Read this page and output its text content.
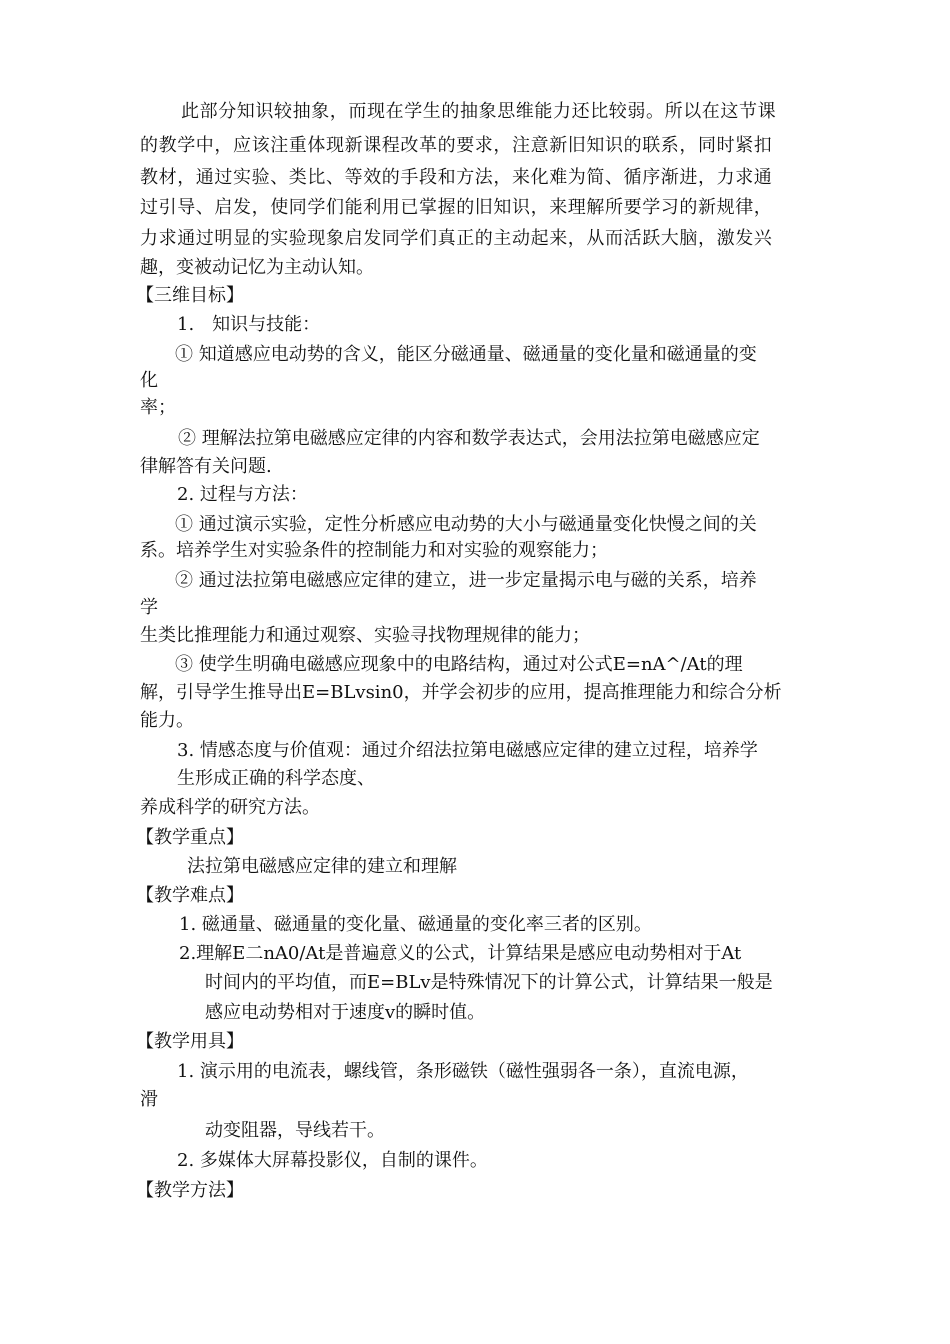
此部分知识较抽象，而现在学生的抽象思维能力还比较弱。所以在这节课
的教学中，应该注重体现新课程改革的要求，注意新旧知识的联系，同时紧扣
教材，通过实验、类比、等效的手段和方法，来化难为简、循序渐进，力求通
过引导、启发，使同学们能利用已掌握的旧知识，来理解所要学习的新规律，
力求通过明显的实验现象启发同学们真正的主动起来，从而活跃大脑，激发兴
趣，变被动记忆为主动认知。
【三维目标】
1.　知识与技能：
① 知道感应电动势的含义，能区分磁通量、磁通量的变化量和磁通量的变
化
率；
② 理解法拉第电磁感应定律的内容和数学表达式，会用法拉第电磁感应定
律解答有关问题.
2. 过程与方法：
① 通过演示实验，定性分析感应电动势的大小与磁通量变化快慢之间的关
系。培养学生对实验条件的控制能力和对实验的观察能力；
② 通过法拉第电磁感应定律的建立，进一步定量揭示电与磁的关系，培养
学
生类比推理能力和通过观察、实验寻找物理规律的能力；
③ 使学生明确电磁感应现象中的电路结构，通过对公式E=nA^/At的理
解，引导学生推导出E=BLvsin0，并学会初步的应用，提高推理能力和综合分析
能力。
3. 情感态度与价值观：通过介绍法拉第电磁感应定律的建立过程，培养学
生形成正确的科学态度、
养成科学的研究方法。
【教学重点】
法拉第电磁感应定律的建立和理解
【教学难点】
1. 磁通量、磁通量的变化量、磁通量的变化率三者的区别。
2.理解E二nA0/At是普遍意义的公式，计算结果是感应电动势相对于At
时间内的平均值，而E=BLv是特殊情况下的计算公式，计算结果一般是
感应电动势相对于速度v的瞬时值。
【教学用具】
1. 演示用的电流表，螺线管，条形磁铁（磁性强弱各一条），直流电源，
滑
动变阻器，导线若干。
2. 多媒体大屏幕投影仪，自制的课件。
【教学方法】
